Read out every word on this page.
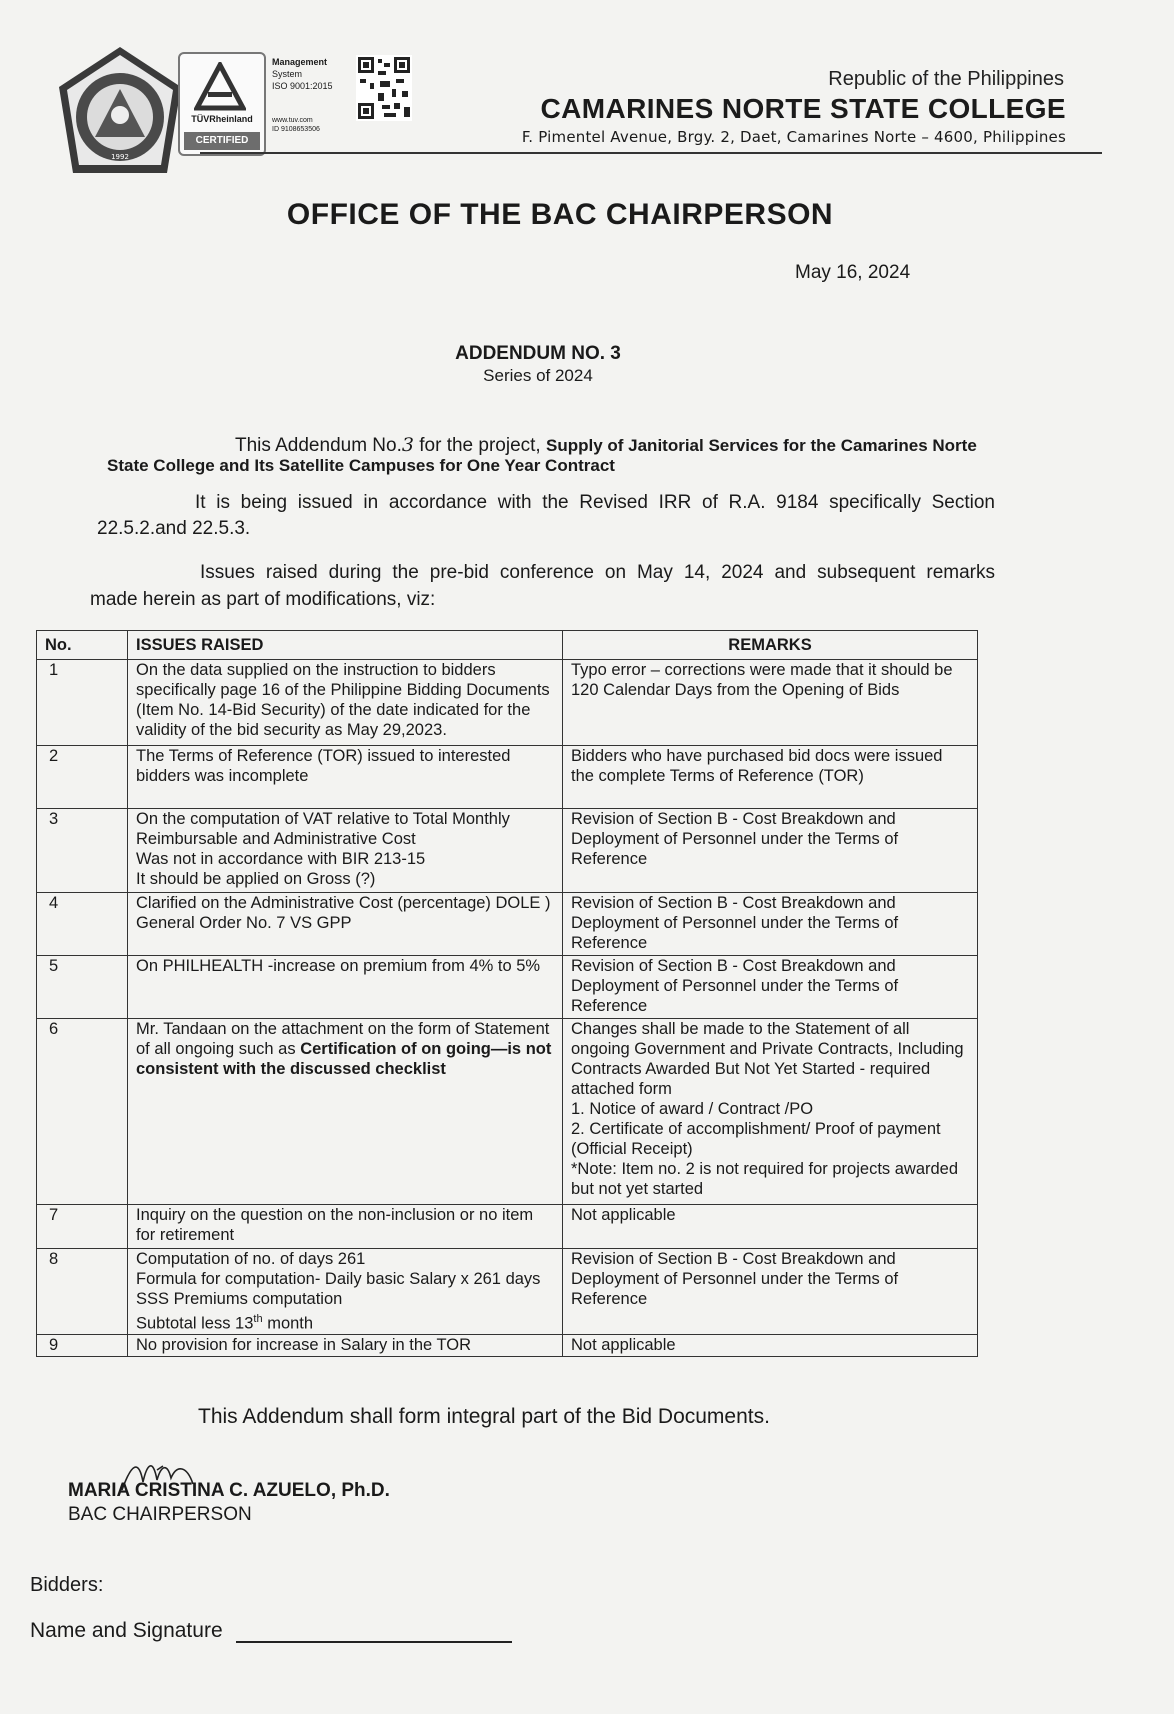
1992
TÜVRheinland
CERTIFIED
Management
System
ISO 9001:2015
www.tuv.com
ID 9108653506
Republic of the Philippines
CAMARINES NORTE STATE COLLEGE
F. Pimentel Avenue, Brgy. 2, Daet, Camarines Norte – 4600, Philippines
OFFICE OF THE BAC CHAIRPERSON
May 16, 2024
ADDENDUM NO. 3
Series of 2024
This Addendum No.3 for the project, Supply of Janitorial Services for the Camarines Norte
State College and Its Satellite Campuses for One Year Contract
It is being issued in accordance with the Revised IRR of R.A. 9184 specifically Section
22.5.2.and 22.5.3.
Issues raised during the pre-bid conference on May 14, 2024 and subsequent remarks
made herein as part of modifications, viz:
No.	ISSUES RAISED	REMARKS
1	On the data supplied on the instruction to bidders specifically page 16 of the Philippine Bidding Documents (Item No. 14-Bid Security) of the date indicated for the validity of the bid security as May 29,2023.	Typo error – corrections were made that it should be 120 Calendar Days from the Opening of Bids
2	The Terms of Reference (TOR) issued to interested bidders was incomplete	Bidders who have purchased bid docs were issued the complete Terms of Reference (TOR)
3	On the computation of VAT relative to Total Monthly
Reimbursable and Administrative Cost
Was not in accordance with BIR 213-15
It should be applied on Gross (?)	Revision of Section B - Cost Breakdown and Deployment of Personnel under the Terms of Reference
4	Clarified on the Administrative Cost (percentage) DOLE ) General Order No. 7 VS GPP	Revision of Section B - Cost Breakdown and Deployment of Personnel under the Terms of Reference
5	On PHILHEALTH -increase on premium from 4% to 5%	Revision of Section B - Cost Breakdown and Deployment of Personnel under the Terms of Reference
6	Mr. Tandaan on the attachment on the form of Statement of all ongoing such as Certification of on going—is not consistent with the discussed checklist	Changes shall be made to the Statement of all ongoing Government and Private Contracts, Including Contracts Awarded But Not Yet Started - required attached form
1. Notice of award / Contract /PO
2. Certificate of accomplishment/ Proof of payment (Official Receipt)
*Note: Item no. 2 is not required for projects awarded but not yet started

7	Inquiry on the question on the non-inclusion or no item for retirement	Not applicable
8	Computation of no. of days 261
Formula for computation- Daily basic Salary x 261 days
SSS Premiums computation
Subtotal less 13th month	Revision of Section B - Cost Breakdown and Deployment of Personnel under the Terms of Reference
9	No provision for increase in Salary in the TOR	Not applicable
This Addendum shall form integral part of the Bid Documents.
MARIA CRISTINA C. AZUELO, Ph.D.
BAC CHAIRPERSON
Bidders:
Name and Signature
